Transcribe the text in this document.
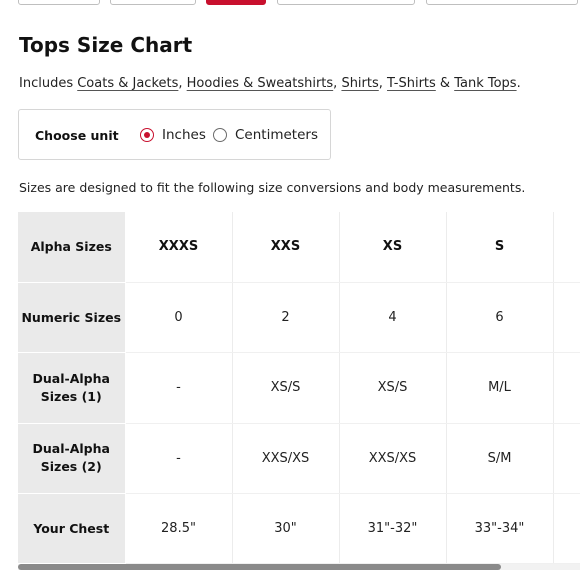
Tops Size Chart
Includes Coats & Jackets, Hoodies & Sweatshirts, Shirts, T-Shirts & Tank Tops.
Choose unit	Inches Centimeters
Sizes are designed to fit the following size conversions and body measurements.
Alpha Sizes	XXXS	XXS	XS	S	
Numeric Sizes	0	2	4	6	
Dual-Alpha Sizes (1)	-	XS/S	XS/S	M/L	
Dual-Alpha Sizes (2)	-	XXS/XS	XXS/XS	S/M	
Your Chest	28.5"	30"	31"-32"	33"-34"	
